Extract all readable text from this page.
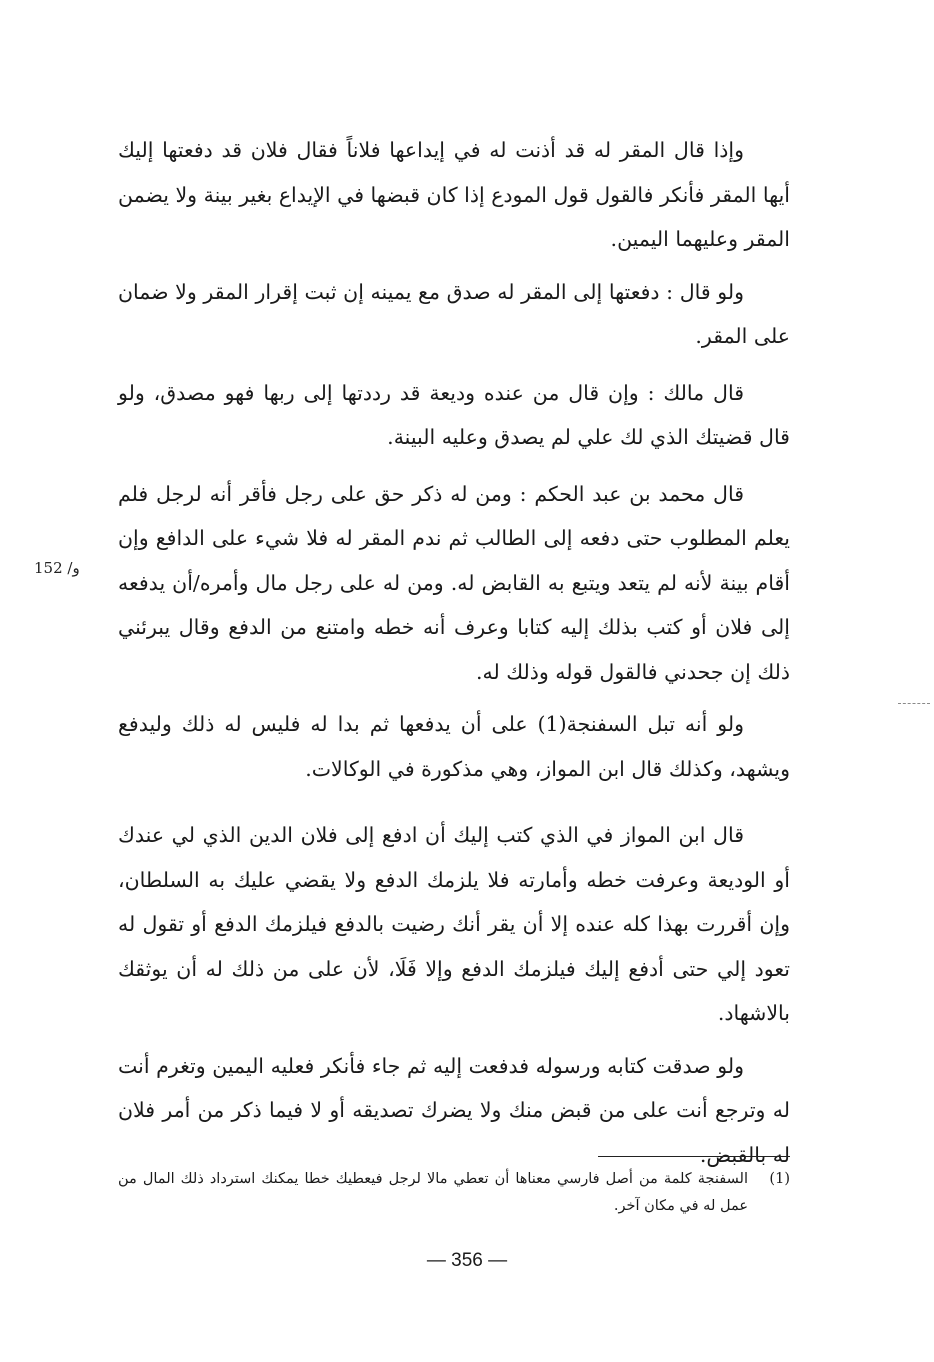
وإذا قال المقر له قد أذنت له في إيداعها فلاناً فقال فلان قد دفعتها إليك أيها المقر فأنكر فالقول قول المودع إذا كان قبضها في الإيداع بغير بينة ولا يضمن المقر وعليهما اليمين.

ولو قال : دفعتها إلى المقر له صدق مع يمينه إن ثبت إقرار المقر ولا ضمان على المقر.

قال مالك : وإن قال من عنده وديعة قد رددتها إلى ربها فهو مصدق، ولو قال قضيتك الذي لك علي لم يصدق وعليه البينة.

قال محمد بن عبد الحكم : ومن له ذكر حق على رجل فأقر أنه لرجل فلم يعلم المطلوب حتى دفعه إلى الطالب ثم ندم المقر له فلا شيء على الدافع وإن أقام بينة لأنه لم يتعد ويتبع به القابض له. ومن له على رجل مال وأمره/أن يدفعه إلى فلان أو كتب بذلك إليه كتابا وعرف أنه خطه وامتنع من الدفع وقال يبرئني ذلك إن جحدني فالقول قوله وذلك له.

ولو أنه تبل السفنجة(1) على أن يدفعها ثم بدا له فليس له ذلك وليدفع ويشهد، وكذلك قال ابن المواز، وهي مذكورة في الوكالات.

قال ابن المواز في الذي كتب إليك أن ادفع إلى فلان الدين الذي لي عندك أو الوديعة وعرفت خطه وأمارته فلا يلزمك الدفع ولا يقضي عليك به السلطان، وإن أقررت بهذا كله عنده إلا أن يقر أنك رضيت بالدفع فيلزمك الدفع أو تقول له تعود إلي حتى أدفع إليك فيلزمك الدفع وإلا فَلَا، لأن على من ذلك له أن يوثقك بالاشهاد.

ولو صدقت كتابه ورسوله فدفعت إليه ثم جاء فأنكر فعليه اليمين وتغرم أنت له وترجع أنت على من قبض منك ولا يضرك تصديقه أو لا فيما ذكر من أمر فلان له بالقبض.

152 /و
(1)
السفنجة كلمة من أصل فارسي معناها أن تعطي مالا لرجل فيعطيك خطا يمكنك استرداد ذلك المال من عمل له في مكان آخر.
— 356 —
